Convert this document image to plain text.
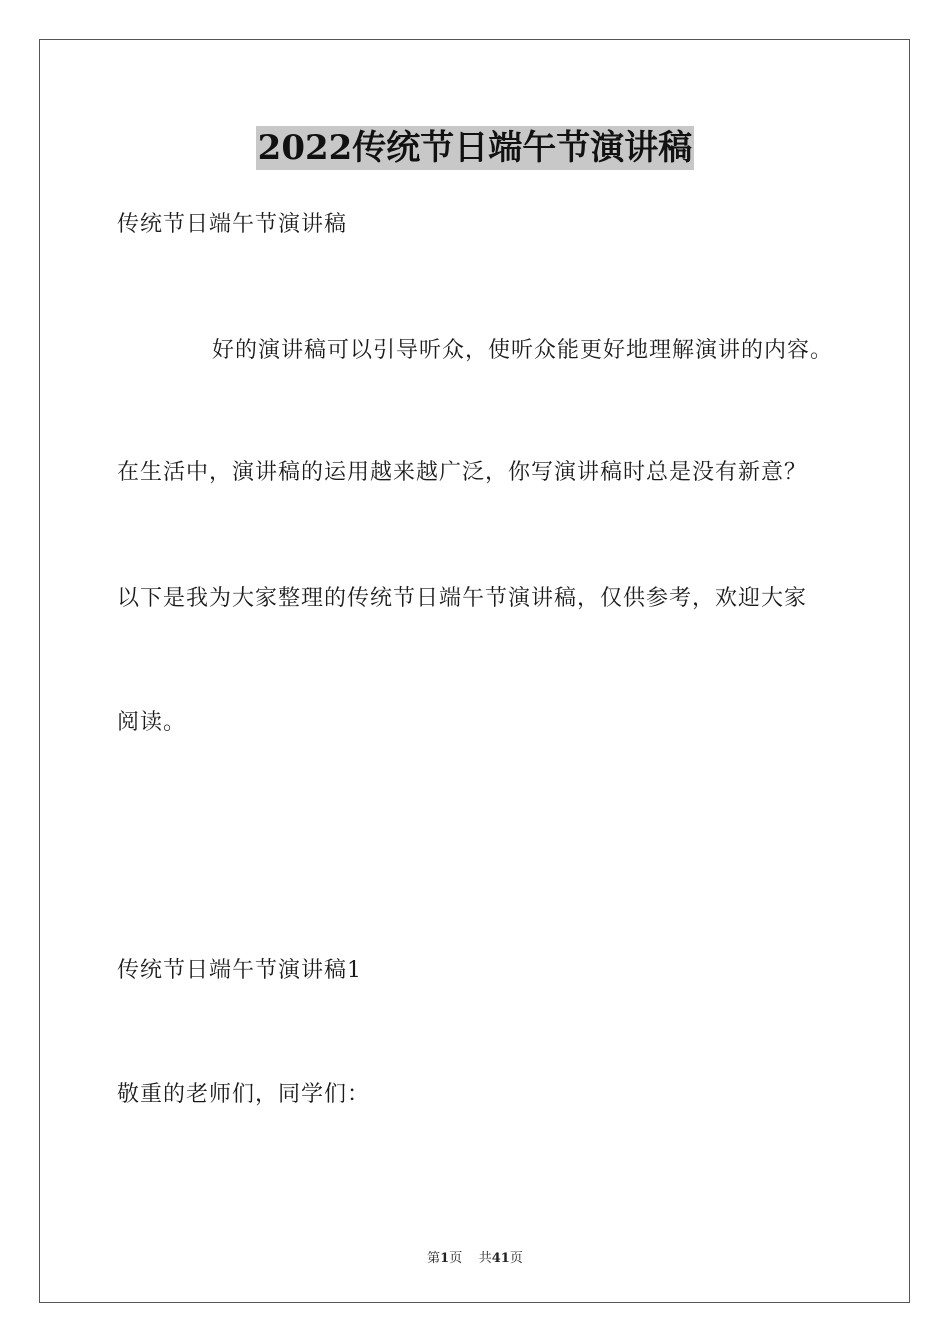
2022传统节日端午节演讲稿
传统节日端午节演讲稿
好的演讲稿可以引导听众，使听众能更好地理解演讲的内容。
在生活中，演讲稿的运用越来越广泛，你写演讲稿时总是没有新意？
以下是我为大家整理的传统节日端午节演讲稿，仅供参考，欢迎大家
阅读。
传统节日端午节演讲稿1
敬重的老师们，同学们：
第1页 共41页
